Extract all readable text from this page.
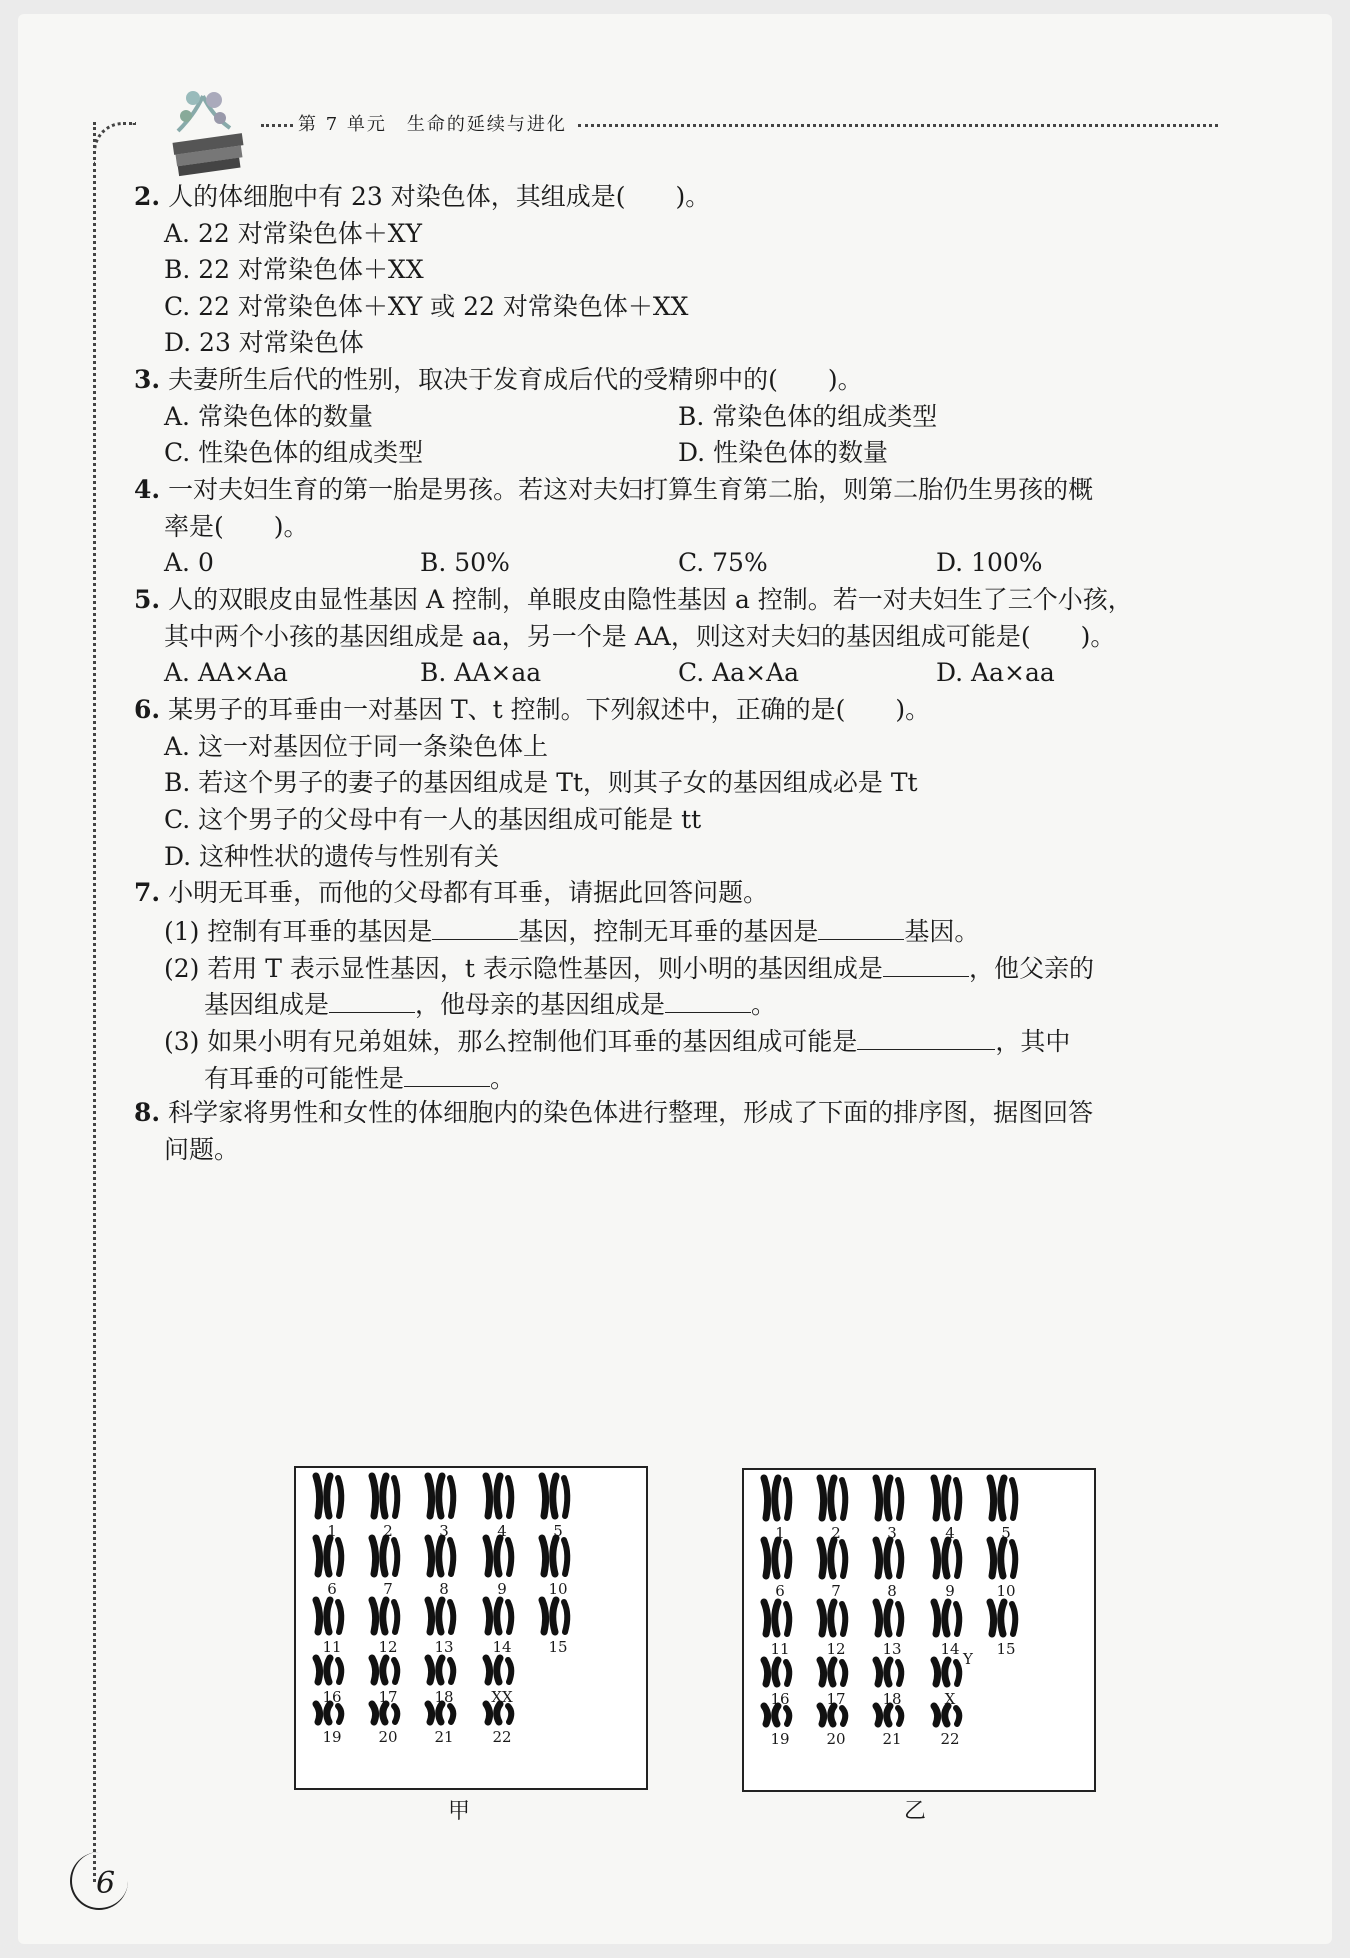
第 7 单元　生命的延续与进化
2. 人的体细胞中有 23 对染色体，其组成是(　　)。
A. 22 对常染色体＋XY
B. 22 对常染色体＋XX
C. 22 对常染色体＋XY 或 22 对常染色体＋XX
D. 23 对常染色体
3. 夫妻所生后代的性别，取决于发育成后代的受精卵中的(　　)。
A. 常染色体的数量	B. 常染色体的组成类型
C. 性染色体的组成类型	D. 性染色体的数量
4. 一对夫妇生育的第一胎是男孩。若这对夫妇打算生育第二胎，则第二胎仍生男孩的概
率是(　　)。
A. 0	B. 50%	C. 75%	D. 100%
5. 人的双眼皮由显性基因 A 控制，单眼皮由隐性基因 a 控制。若一对夫妇生了三个小孩，
其中两个小孩的基因组成是 aa，另一个是 AA，则这对夫妇的基因组成可能是(　　)。
A. AA×Aa	B. AA×aa	C. Aa×Aa	D. Aa×aa
6. 某男子的耳垂由一对基因 T、t 控制。下列叙述中，正确的是(　　)。
A. 这一对基因位于同一条染色体上
B. 若这个男子的妻子的基因组成是 Tt，则其子女的基因组成必是 Tt
C. 这个男子的父母中有一人的基因组成可能是 tt
D. 这种性状的遗传与性别有关
7. 小明无耳垂，而他的父母都有耳垂，请据此回答问题。
(1) 控制有耳垂的基因是	基因，控制无耳垂的基因是	基因。
(2) 若用 T 表示显性基因，t 表示隐性基因，则小明的基因组成是	，他父亲的
基因组成是	，他母亲的基因组成是	。
(3) 如果小明有兄弟姐妹，那么控制他们耳垂的基因组成可能是	，其中
有耳垂的可能性是	。
8. 科学家将男性和女性的体细胞内的染色体进行整理，形成了下面的排序图，据图回答
问题。
1	2	3	4	5
6	7	8	9	10
11	12	13	14	15
16	17	18	XX
19	20	21	22
甲
1	2	3	4	5
6	7	8	9	10
11	12	13	14	15
16	17	18	X
Y
19	20	21	22
乙
6
